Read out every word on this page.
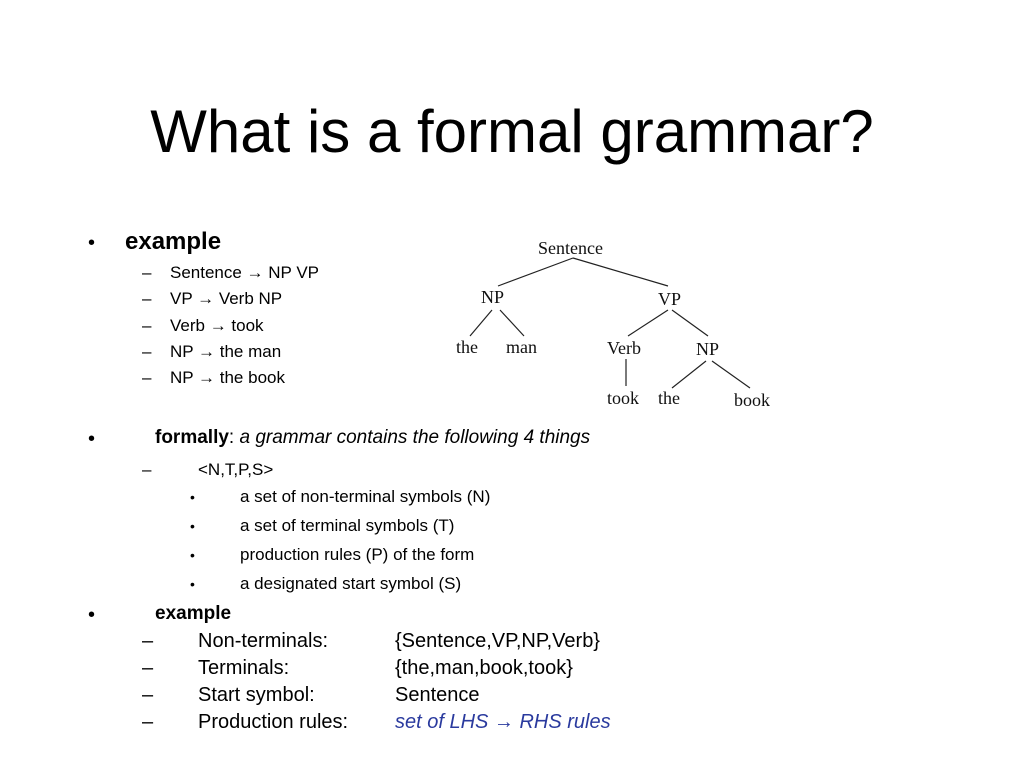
What is a formal grammar?
• example
– Sentence → NP VP
– VP → Verb NP
– Verb → took
– NP → the man
– NP → the book
Sentence
NP	VP
the man	Verb	NP
took the	book
•	formally: a grammar contains the following 4 things
–	<N,T,P,S>
•	a set of non-terminal symbols (N)
•	a set of terminal symbols (T)
•	production rules (P) of the form
•	a designated start symbol (S)
•	example
– Non-terminals:	{Sentence,VP,NP,Verb}
– Terminals:	{the,man,book,took}
– Start symbol:	Sentence
– Production rules: set of LHS → RHS rules
